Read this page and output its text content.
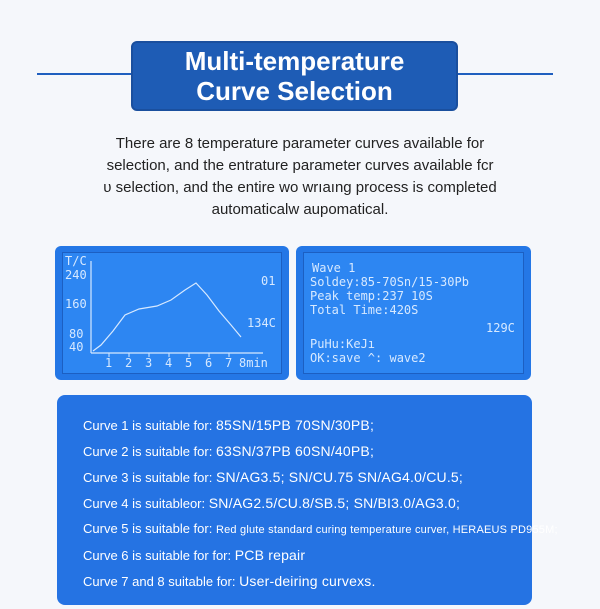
Multi-temperature
Curve Selection
There are 8 temperature parameter curves available for
selection, and the entrature parameter curves available fcr
υ selection, and the entire wo wrıaıng process is completed
automaticalw aupomatical.
T/C
240
160
80
40
1 2 3 4 5 6 7 8min
01
134C
Wave 1
Soldey:85-70Sn/15-30Pb
Peak temp:237 10S
Total Time:420S
129C
PuHu:KeJı
OK:save ^: wave2
Curve 1 is suitable for: 85SN/15PB 70SN/30PB;
Curve 2 is suitable for: 63SN/37PB 60SN/40PB;
Curve 3 is suitable for: SN/AG3.5; SN/CU.75 SN/AG4.0/CU.5;
Curve 4 is suitableor: SN/AG2.5/CU.8/SB.5; SN/BI3.0/AG3.0;
Curve 5 is suitable for: Red glute standard curing temperature curver, HERAEUS PD955M;
Curve 6 is suitable for for: PCB repair
Curve 7 and 8 suitable for: User-deiring curvexs.
